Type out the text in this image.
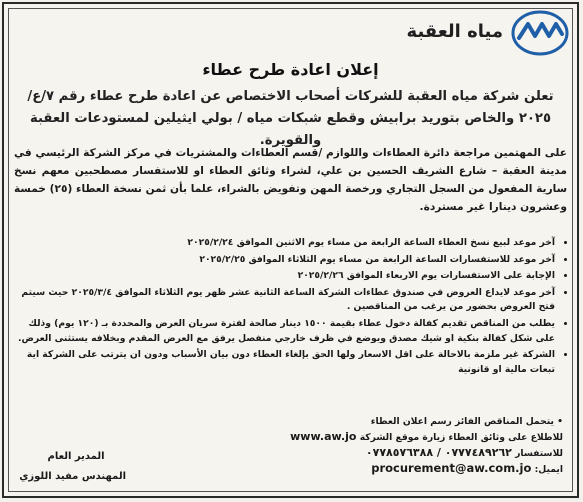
مياه العقبة
إعلان اعادة طرح عطاء

تعلن شركة مياه العقبة للشركات أصحاب الاختصاص عن اعادة طرح عطاء رقم ٧/ع/٢٠٢٥ والخاص بتوريد برابيش وقطع شبكات مياه / بولي ايثيلين لمستودعات العقبة والقويرة.

على المهتمين مراجعة دائرة العطاءات واللوازم /قسم العطاءات والمشتريات في مركز الشركة الرئيسي في مدينة العقبة – شارع الشريف الحسين بن علي، لشراء وثائق العطاء او للاستفسار مصطحبين معهم نسخ سارية المفعول من السجل التجاري ورخصة المهن وتفويض بالشراء، علما بأن ثمن نسخة العطاء (٢٥) خمسة وعشرون دينارا غير مستردة.

• آخر موعد لبيع نسخ العطاء الساعة الرابعة من مساء يوم الاثنين الموافق ٢٠٢٥/٢/٢٤
• آخر موعد للاستفسارات الساعة الرابعة من مساء يوم الثلاثاء الموافق ٢٠٢٥/٢/٢٥
• الإجابة على الاستفسارات يوم الاربعاء الموافق ٢٠٢٥/٢/٢٦
• آخر موعد لايداع العروض في صندوق عطاءات الشركة الساعة الثانية عشر ظهر يوم الثلاثاء الموافق ٢٠٢٥/٣/٤ حيث سيتم فتح العروض بحضور من يرغب من المناقصين .
• يطلب من المناقص تقديم كفالة دخول عطاء بقيمة ١٥٠٠ دينار صالحة لفترة سريان العرض والمحددة بـ (١٢٠ يوم) وذلك على شكل كفالة بنكية او شيك مصدق ويوضع في ظرف خارجي منفصل يرفق مع العرض المقدم وبخلافه يستثنى العرض.
• الشركة غير ملزمة بالاحالة على اقل الاسعار ولها الحق بإلغاء العطاء دون بيان الأسباب ودون ان يترتب على الشركة اية تبعات مالية او قانونية
• يتحمل المناقص الفائز رسم اعلان العطاء
للاطلاع على وثائق العطاء زيارة موقع الشركة www.aw.jo
للاستفسار ٠٧٧٧٤٨٩٢٦٢ / ٠٧٧٨٥٧٦٣٨٨
ايميل: procurement@aw.com.jo
المدير العام
المهندس مفيد اللوزي
